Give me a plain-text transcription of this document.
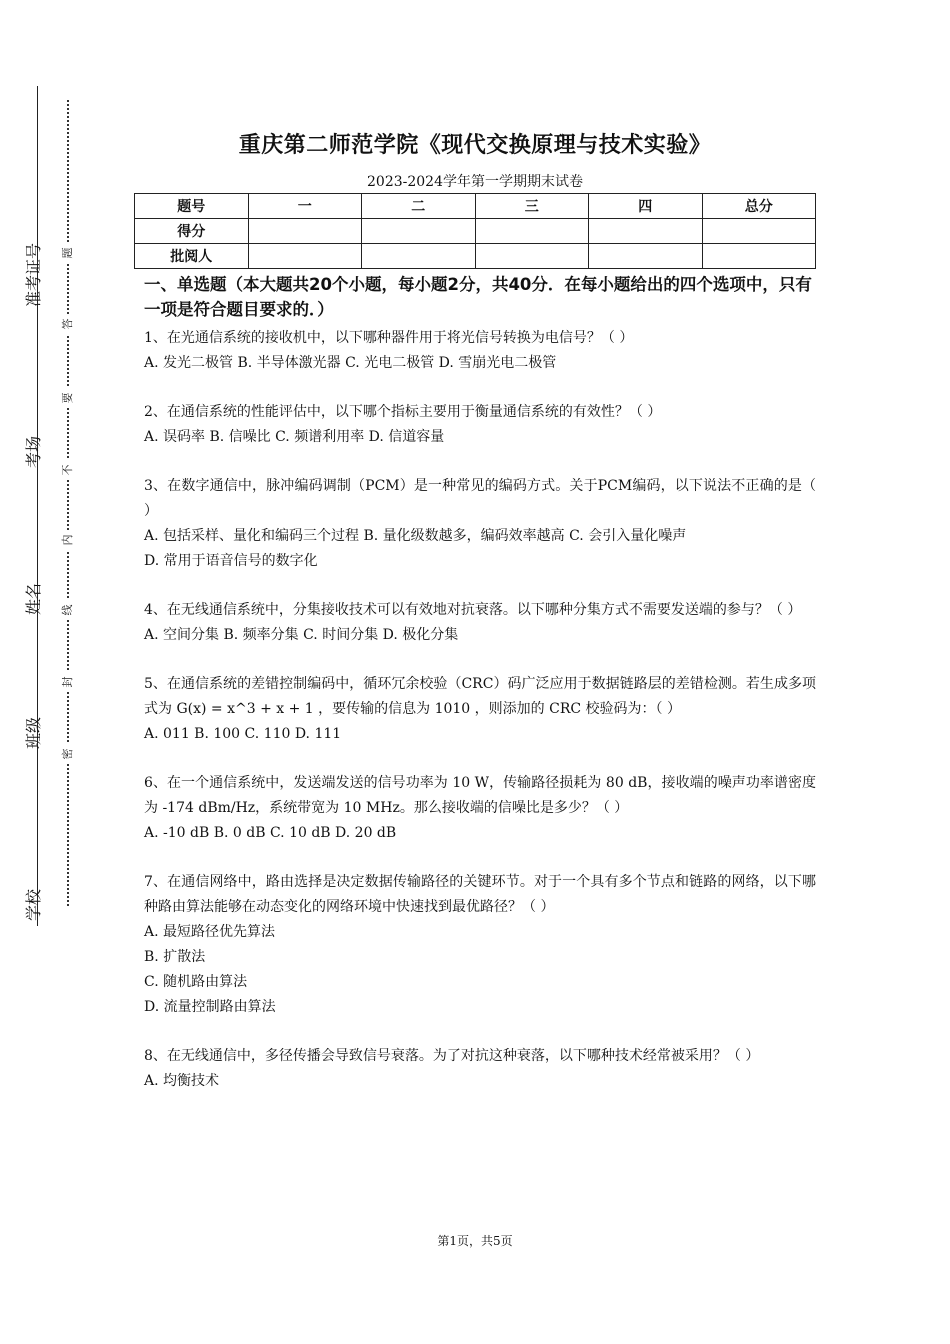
准考证号
考场
姓名
班级
学校
题
答
要
不
内
线
封
密
重庆第二师范学院《现代交换原理与技术实验》
2023-2024学年第一学期期末试卷
题号	一	二	三	四	总分
得分					
批阅人					
一、单选题（本大题共20个小题，每小题2分，共40分．在每小题给出的四个选项中，只有一项是符合题目要求的．）

1、在光通信系统的接收机中，以下哪种器件用于将光信号转换为电信号？（ ）

A. 发光二极管 B. 半导体激光器 C. 光电二极管 D. 雪崩光电二极管

2、在通信系统的性能评估中，以下哪个指标主要用于衡量通信系统的有效性？（ ）

A. 误码率 B. 信噪比 C. 频谱利用率 D. 信道容量

3、在数字通信中，脉冲编码调制（PCM）是一种常见的编码方式。关于PCM编码，以下说法不正确的是（ ）

A. 包括采样、量化和编码三个过程 B. 量化级数越多，编码效率越高 C. 会引入量化噪声

D. 常用于语音信号的数字化

4、在无线通信系统中，分集接收技术可以有效地对抗衰落。以下哪种分集方式不需要发送端的参与？（ ）

A. 空间分集 B. 频率分集 C. 时间分集 D. 极化分集

5、在通信系统的差错控制编码中，循环冗余校验（CRC）码广泛应用于数据链路层的差错检测。若生成多项式为 G(x) = x^3 + x + 1 ，要传输的信息为 1010 ，则添加的 CRC 校验码为：（ ）

A. 011 B. 100 C. 110 D. 111

6、在一个通信系统中，发送端发送的信号功率为 10 W，传输路径损耗为 80 dB，接收端的噪声功率谱密度为 -174 dBm/Hz，系统带宽为 10 MHz。那么接收端的信噪比是多少？（ ）

A. -10 dB B. 0 dB C. 10 dB D. 20 dB

7、在通信网络中，路由选择是决定数据传输路径的关键环节。对于一个具有多个节点和链路的网络，以下哪种路由算法能够在动态变化的网络环境中快速找到最优路径？（ ）

A. 最短路径优先算法

B. 扩散法

C. 随机路由算法

D. 流量控制路由算法

8、在无线通信中，多径传播会导致信号衰落。为了对抗这种衰落，以下哪种技术经常被采用？（ ）

A. 均衡技术

第1页，共5页
